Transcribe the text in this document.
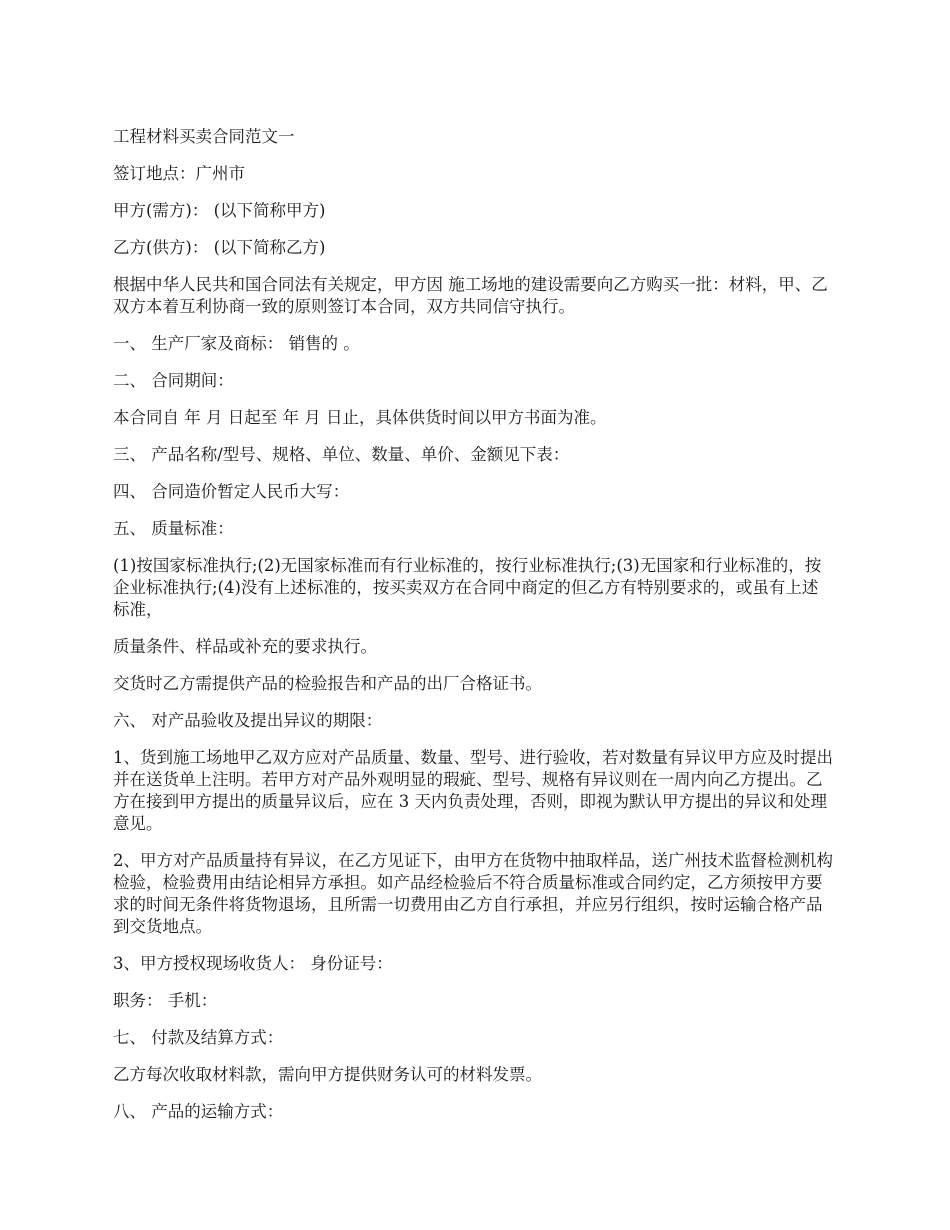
工程材料买卖合同范文一

签订地点：广州市

甲方(需方)： (以下简称甲方)

乙方(供方)： (以下简称乙方)

根据中华人民共和国合同法有关规定，甲方因 施工场地的建设需要向乙方购买一批：材料，甲、乙双方本着互利协商一致的原则签订本合同，双方共同信守执行。

一、 生产厂家及商标： 销售的 。

二、 合同期间：

本合同自 年 月 日起至 年 月 日止，具体供货时间以甲方书面为准。

三、 产品名称/型号、规格、单位、数量、单价、金额见下表：

四、 合同造价暂定人民币大写：

五、 质量标准：

(1)按国家标准执行;(2)无国家标准而有行业标准的，按行业标准执行;(3)无国家和行业标准的，按企业标准执行;(4)没有上述标准的，按买卖双方在合同中商定的但乙方有特别要求的，或虽有上述标准，

质量条件、样品或补充的要求执行。

交货时乙方需提供产品的检验报告和产品的出厂合格证书。

六、 对产品验收及提出异议的期限：

1、货到施工场地甲乙双方应对产品质量、数量、型号、进行验收，若对数量有异议甲方应及时提出并在送货单上注明。若甲方对产品外观明显的瑕疵、型号、规格有异议则在一周内向乙方提出。乙方在接到甲方提出的质量异议后，应在 3 天内负责处理，否则，即视为默认甲方提出的异议和处理意见。

2、甲方对产品质量持有异议，在乙方见证下，由甲方在货物中抽取样品，送广州技术监督检测机构检验，检验费用由结论相异方承担。如产品经检验后不符合质量标准或合同约定，乙方须按甲方要求的时间无条件将货物退场，且所需一切费用由乙方自行承担，并应另行组织，按时运输合格产品到交货地点。

3、甲方授权现场收货人： 身份证号：

职务： 手机：

七、 付款及结算方式：

乙方每次收取材料款，需向甲方提供财务认可的材料发票。

八、 产品的运输方式：
